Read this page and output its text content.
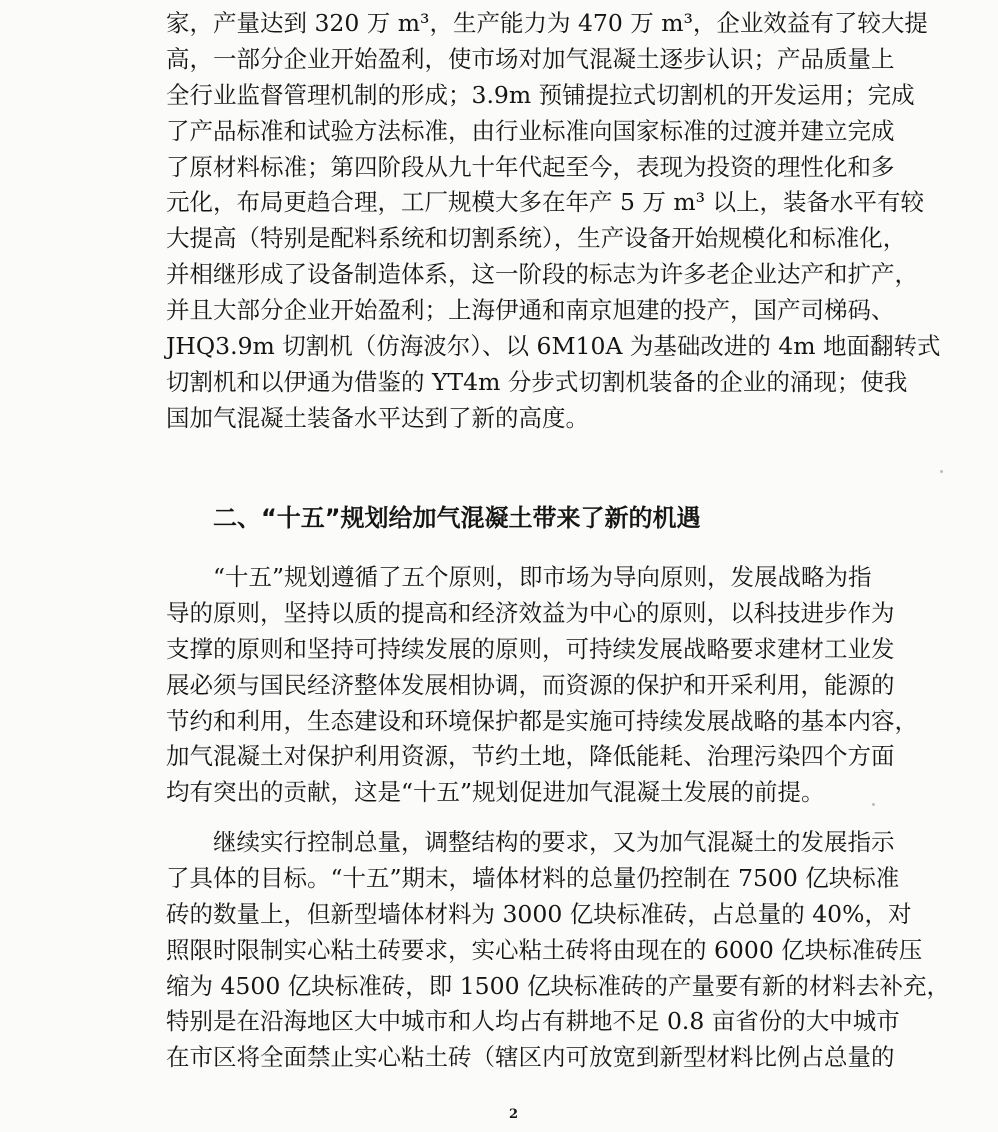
家，产量达到 320 万 m³，生产能力为 470 万 m³，企业效益有了较大提
高，一部分企业开始盈利，使市场对加气混凝土逐步认识；产品质量上
全行业监督管理机制的形成；3.9m 预铺提拉式切割机的开发运用；完成
了产品标准和试验方法标准，由行业标准向国家标准的过渡并建立完成
了原材料标准；第四阶段从九十年代起至今，表现为投资的理性化和多
元化，布局更趋合理，工厂规模大多在年产 5 万 m³ 以上，装备水平有较
大提高（特别是配料系统和切割系统），生产设备开始规模化和标准化，
并相继形成了设备制造体系，这一阶段的标志为许多老企业达产和扩产，
并且大部分企业开始盈利；上海伊通和南京旭建的投产，国产司梯码、
JHQ3.9m 切割机（仿海波尔）、以 6M10A 为基础改进的 4m 地面翻转式
切割机和以伊通为借鉴的 YT4m 分步式切割机装备的企业的涌现；使我
国加气混凝土装备水平达到了新的高度。
二、“十五”规划给加气混凝土带来了新的机遇
“十五”规划遵循了五个原则，即市场为导向原则，发展战略为指
导的原则，坚持以质的提高和经济效益为中心的原则，以科技进步作为
支撑的原则和坚持可持续发展的原则，可持续发展战略要求建材工业发
展必须与国民经济整体发展相协调，而资源的保护和开采利用，能源的
节约和利用，生态建设和环境保护都是实施可持续发展战略的基本内容，
加气混凝土对保护利用资源，节约土地，降低能耗、治理污染四个方面
均有突出的贡献，这是“十五”规划促进加气混凝土发展的前提。
继续实行控制总量，调整结构的要求，又为加气混凝土的发展指示
了具体的目标。“十五”期末，墙体材料的总量仍控制在 7500 亿块标准
砖的数量上，但新型墙体材料为 3000 亿块标准砖，占总量的 40%，对
照限时限制实心粘土砖要求，实心粘土砖将由现在的 6000 亿块标准砖压
缩为 4500 亿块标准砖，即 1500 亿块标准砖的产量要有新的材料去补充，
特别是在沿海地区大中城市和人均占有耕地不足 0.8 亩省份的大中城市
在市区将全面禁止实心粘土砖（辖区内可放宽到新型材料比例占总量的
2
